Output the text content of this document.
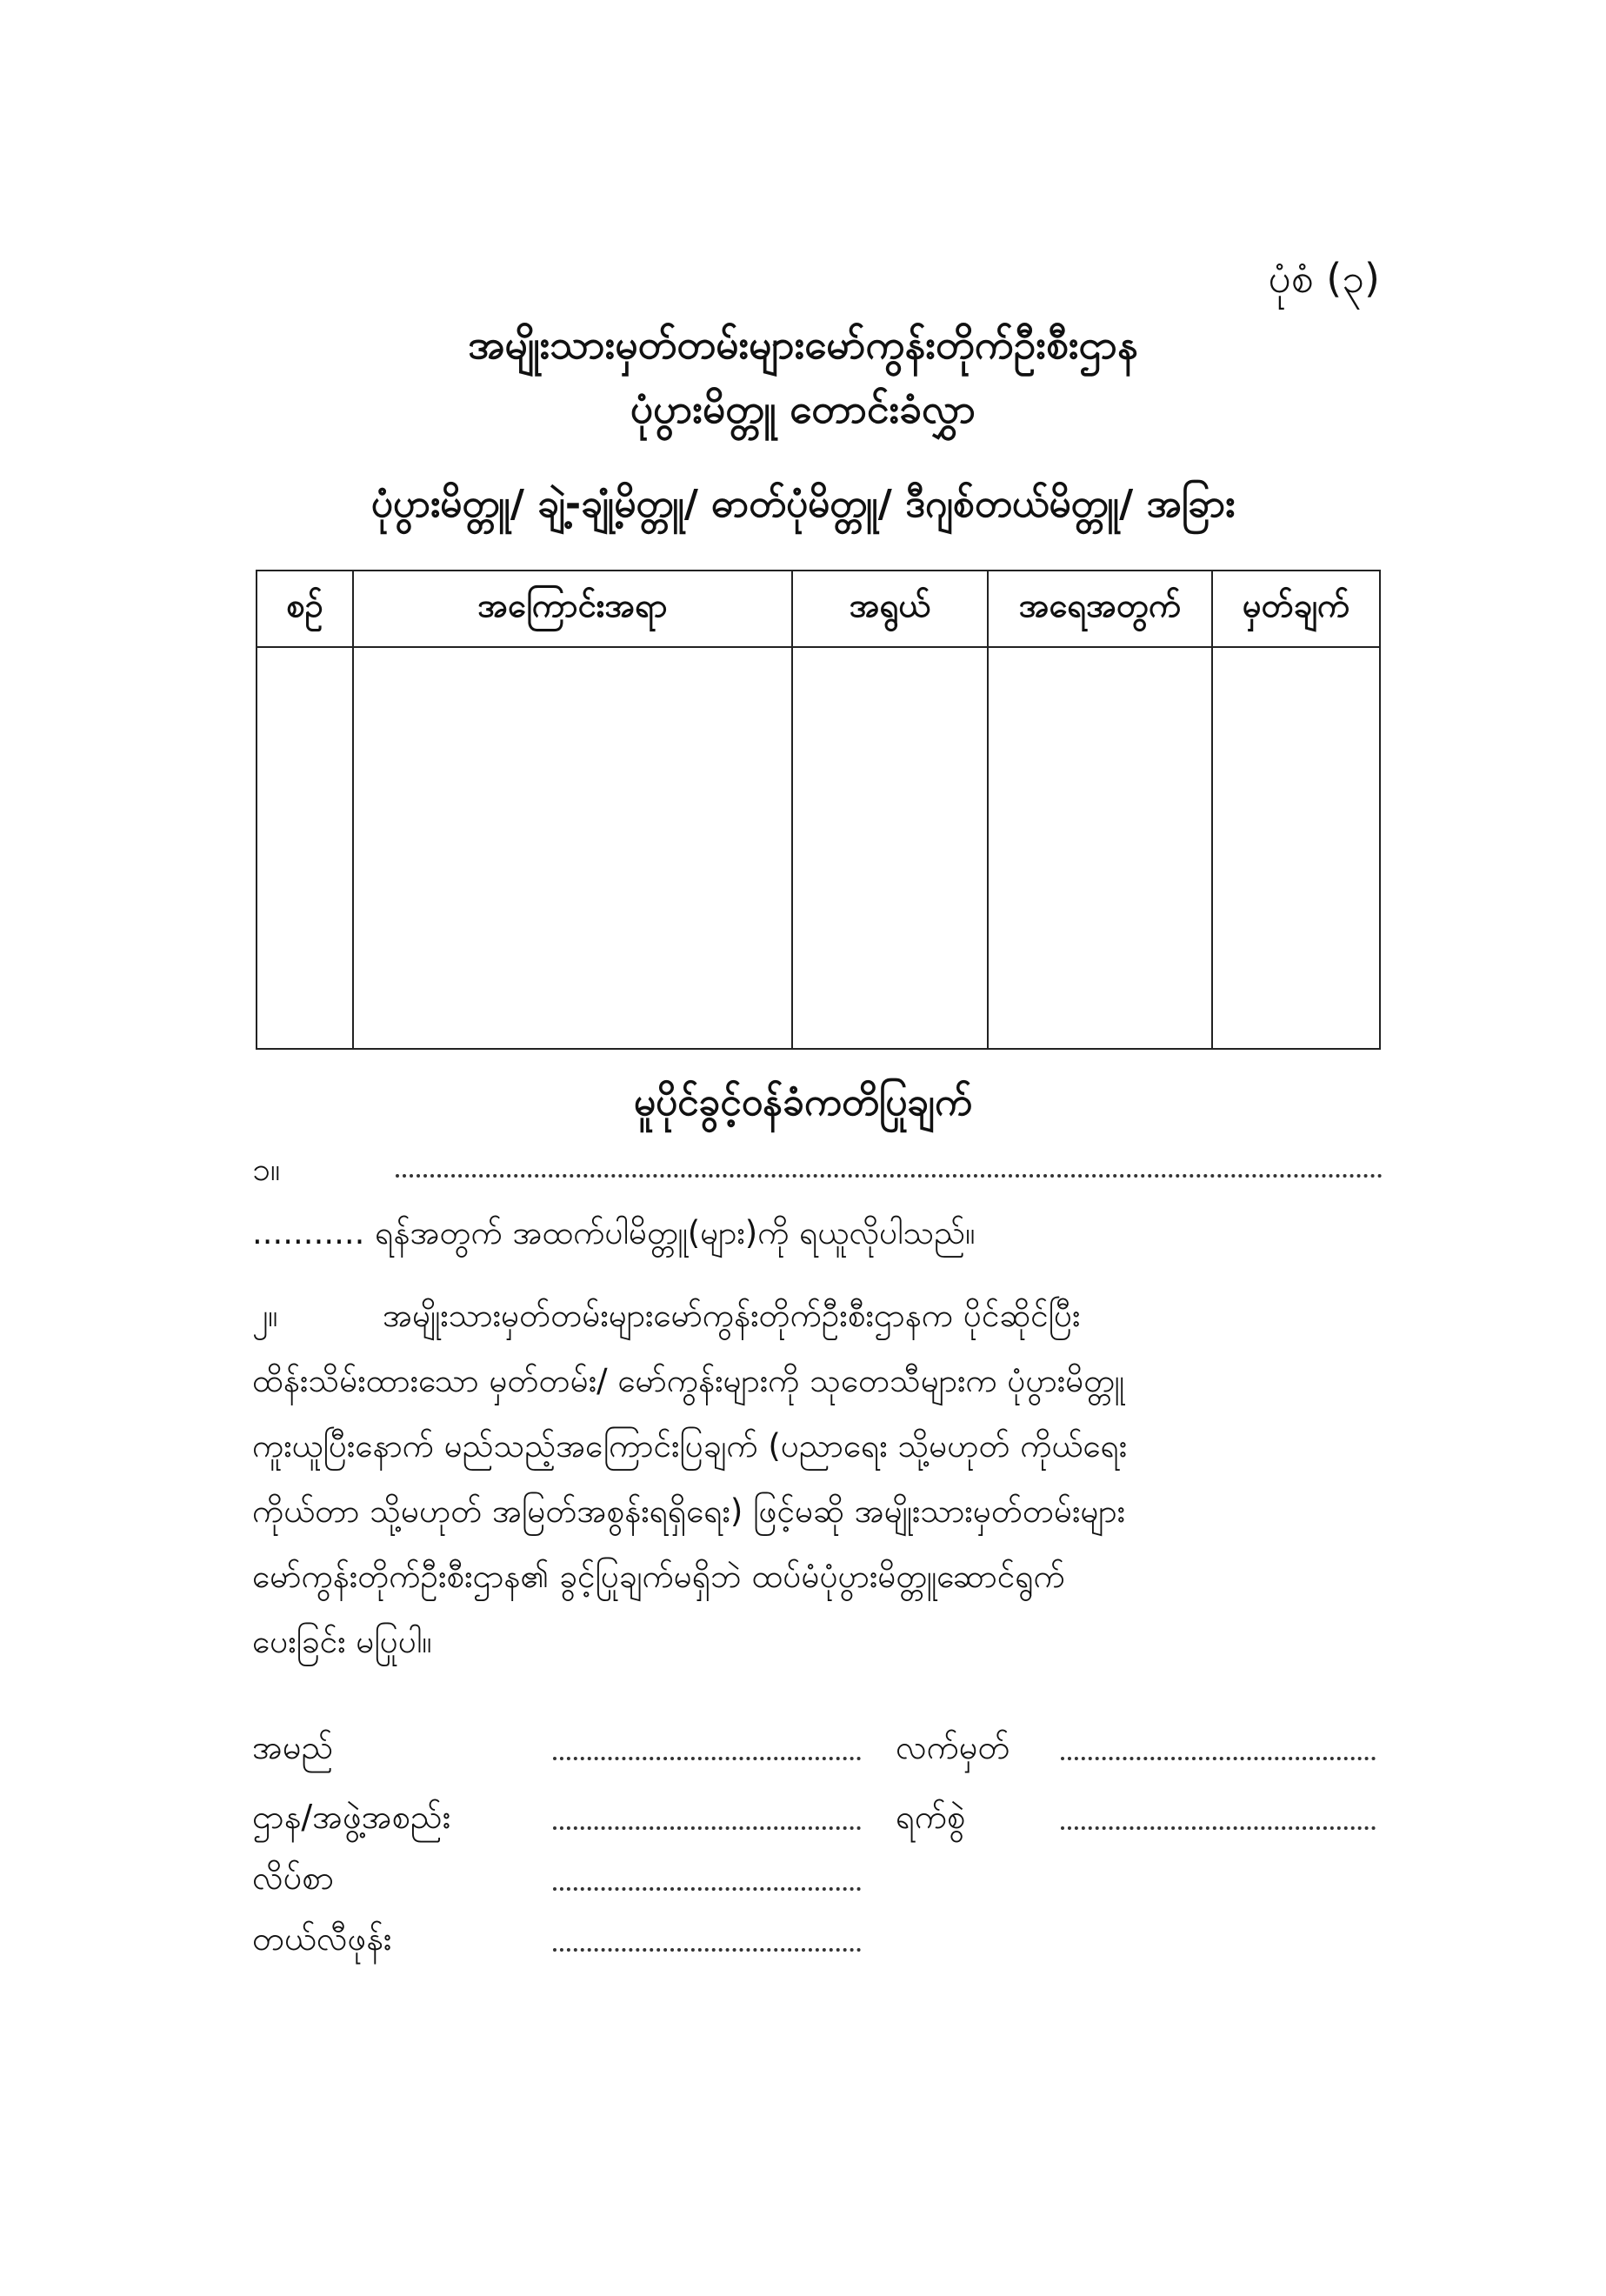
ပုံစံ (၃)
အမျိုးသားမှတ်တမ်းများမော်ကွန်းတိုက်ဦးစီးဌာန
ပုံပွားမိတ္တူ တောင်းခံလွှာ
ပုံပွားမိတ္တူ/ ချဲ့-ချုံ့မိတ္တူ/ ဓာတ်ပုံမိတ္တူ/ ဒီဂျစ်တယ်မိတ္တူ/ အခြား
စဉ်	အကြောင်းအရာ	အရွယ်	အရေအတွက်	မှတ်ချက်

မူပိုင်ခွင့်ဝန်ခံကတိပြုချက်
၁။
........... ရန်အတွက် အထက်ပါမိတ္တူ(များ)ကို ရယူလိုပါသည်။
၂။	အမျိုးသားမှတ်တမ်းများမော်ကွန်းတိုက်ဦးစီးဌာနက ပိုင်ဆိုင်ပြီး
ထိန်းသိမ်းထားသော မှတ်တမ်း/ မော်ကွန်းများကို သုတေသီများက ပုံပွားမိတ္တူ
ကူးယူပြီးနောက် မည်သည့်အကြောင်းပြချက် (ပညာရေး သို့မဟုတ် ကိုယ်ရေး
ကိုယ်တာ သို့မဟုတ် အမြတ်အစွန်းရရှိရေး) ဖြင့်မဆို အမျိုးသားမှတ်တမ်းများ
မော်ကွန်းတိုက်ဦးစီးဌာန၏ ခွင့်ပြုချက်မရှိဘဲ ထပ်မံပုံပွားမိတ္တူဆောင်ရွက်
ပေးခြင်း မပြုပါ။
အမည်	လက်မှတ်
ဌာန/အဖွဲ့အစည်း	ရက်စွဲ
လိပ်စာ
တယ်လီဖုန်း
